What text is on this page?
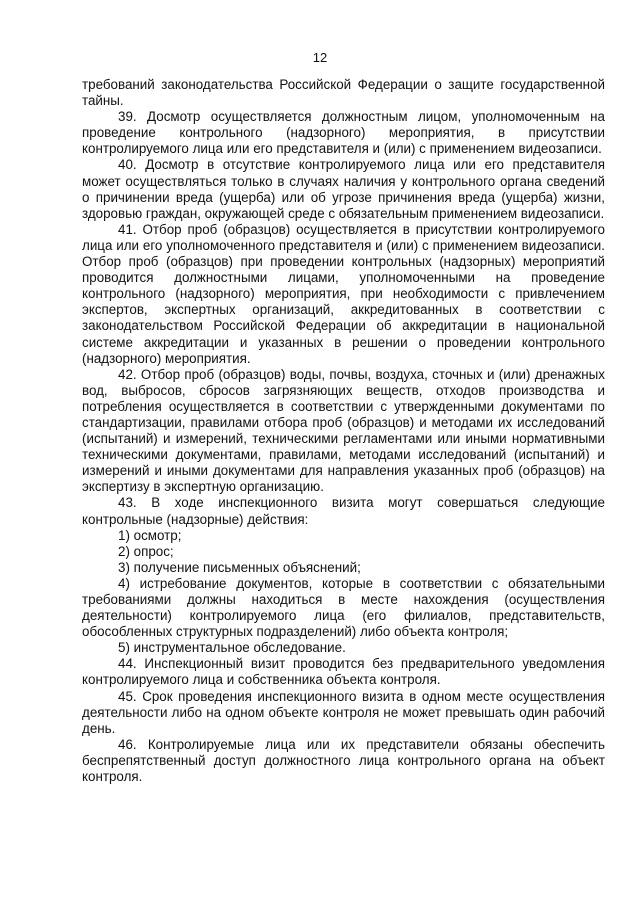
12

требований законодательства Российской Федерации о защите государственной тайны.

39. Досмотр осуществляется должностным лицом, уполномоченным на проведение контрольного (надзорного) мероприятия, в присутствии контролируемого лица или его представителя и (или) с применением видеозаписи.

40. Досмотр в отсутствие контролируемого лица или его представителя может осуществляться только в случаях наличия у контрольного органа сведений о причинении вреда (ущерба) или об угрозе причинения вреда (ущерба) жизни, здоровью граждан, окружающей среде с обязательным применением видеозаписи.

41. Отбор проб (образцов) осуществляется в присутствии контролируемого лица или его уполномоченного представителя и (или) с применением видеозаписи. Отбор проб (образцов) при проведении контрольных (надзорных) мероприятий проводится должностными лицами, уполномоченными на проведение контрольного (надзорного) мероприятия, при необходимости с привлечением экспертов, экспертных организаций, аккредитованных в соответствии с законодательством Российской Федерации об аккредитации в национальной системе аккредитации и указанных в решении о проведении контрольного (надзорного) мероприятия.

42. Отбор проб (образцов) воды, почвы, воздуха, сточных и (или) дренажных вод, выбросов, сбросов загрязняющих веществ, отходов производства и потребления осуществляется в соответствии с утвержденными документами по стандартизации, правилами отбора проб (образцов) и методами их исследований (испытаний) и измерений, техническими регламентами или иными нормативными техническими документами, правилами, методами исследований (испытаний) и измерений и иными документами для направления указанных проб (образцов) на экспертизу в экспертную организацию.

43. В ходе инспекционного визита могут совершаться следующие контрольные (надзорные) действия:

1) осмотр;

2) опрос;

3) получение письменных объяснений;

4) истребование документов, которые в соответствии с обязательными требованиями должны находиться в месте нахождения (осуществления деятельности) контролируемого лица (его филиалов, представительств, обособленных структурных подразделений) либо объекта контроля;

5) инструментальное обследование.

44. Инспекционный визит проводится без предварительного уведомления контролируемого лица и собственника объекта контроля.

45. Срок проведения инспекционного визита в одном месте осуществления деятельности либо на одном объекте контроля не может превышать один рабочий день.

46. Контролируемые лица или их представители обязаны обеспечить беспрепятственный доступ должностного лица контрольного органа на объект контроля.
